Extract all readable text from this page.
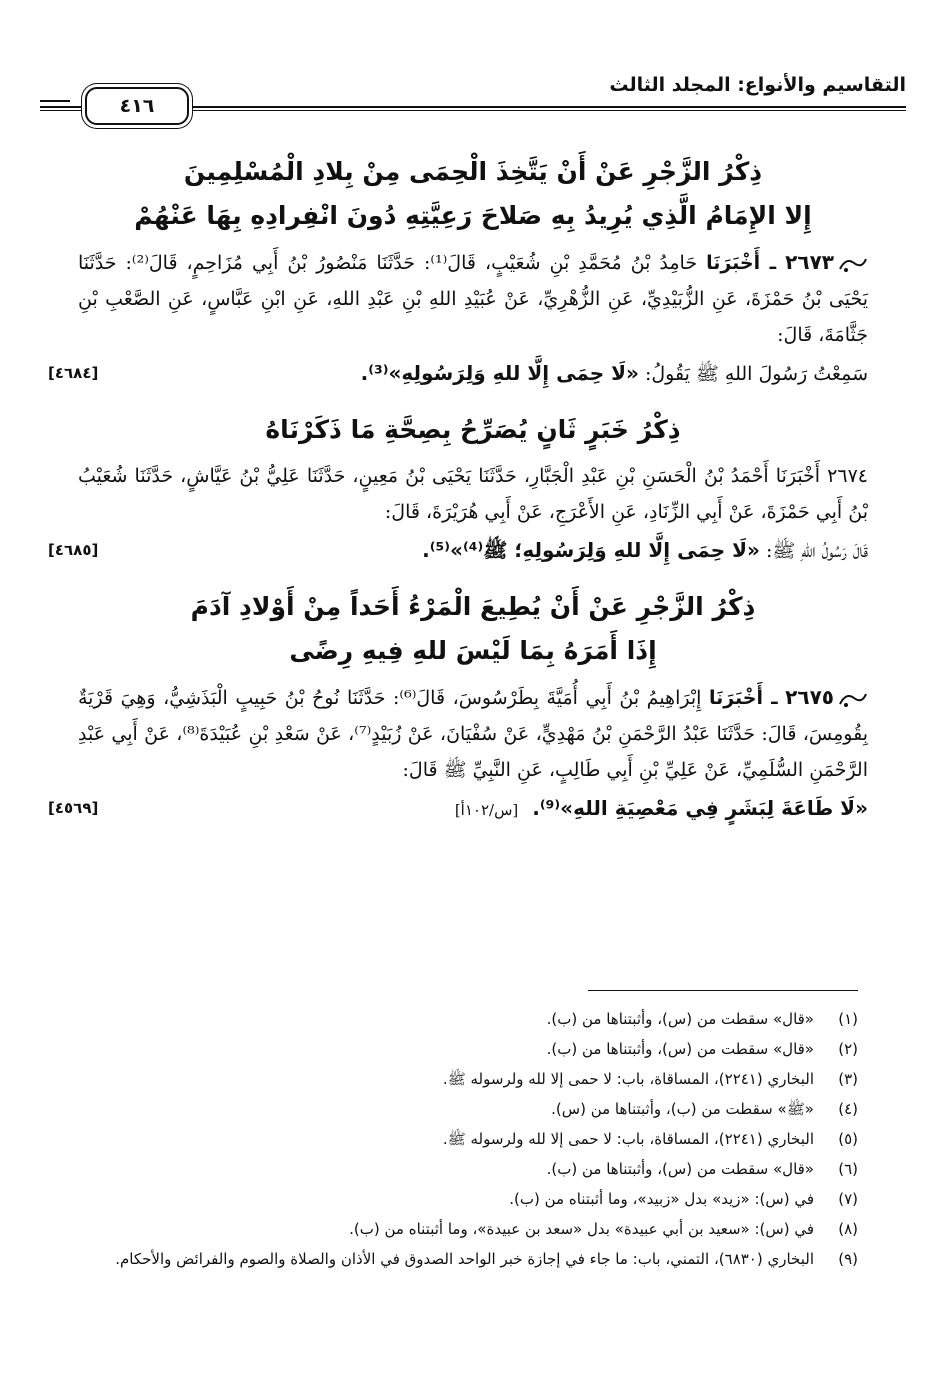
التقاسيم والأنواع: المجلد الثالث
٤١٦
ذِكْرُ الزَّجْرِ عَنْ أَنْ يَتَّخِذَ الْحِمَى مِنْ بِلادِ الْمُسْلِمِينَ
إِلا الإِمَامُ الَّذِي يُرِيدُ بِهِ صَلاحَ رَعِيَّتِهِ دُونَ انْفِرادِهِ بِهَا عَنْهُمْ

٢٦٧٣ ـ أَخْبَرَنَا حَامِدُ بْنُ مُحَمَّدِ بْنِ شُعَيْبٍ، قَالَ⁽¹⁾: حَدَّثَنَا مَنْصُورُ بْنُ أَبِي مُزَاحِمٍ، قَالَ⁽²⁾: حَدَّثَنَا يَحْيَى بْنُ حَمْزَةَ، عَنِ الزُّبَيْدِيِّ، عَنِ الزُّهْرِيِّ، عَنْ عُبَيْدِ اللهِ بْنِ عَبْدِ اللهِ، عَنِ ابْنِ عَبَّاسٍ، عَنِ الصَّعْبِ بْنِ جَثَّامَةَ، قَالَ:

سَمِعْتُ رَسُولَ اللهِ ﷺ يَقُولُ: «لَا حِمَى إِلَّا للهِ وَلِرَسُولِهِ»⁽³⁾.
[٤٦٨٤]
ذِكْرُ خَبَرٍ ثَانٍ يُصَرِّحُ بِصِحَّةِ مَا ذَكَرْنَاهُ

٢٦٧٤ أَخْبَرَنَا أَحْمَدُ بْنُ الْحَسَنِ بْنِ عَبْدِ الْجَبَّارِ، حَدَّثَنَا يَحْيَى بْنُ مَعِينٍ، حَدَّثَنَا عَلِيُّ بْنُ عَيَّاشٍ، حَدَّثَنَا شُعَيْبُ بْنُ أَبِي حَمْزَةَ، عَنْ أَبِي الزِّنَادِ، عَنِ الأَعْرَجِ، عَنْ أَبِي هُرَيْرَةَ، قَالَ:

قَالَ رَسُولُ اللهِ ﷺ: «لَا حِمَى إِلَّا للهِ وَلِرَسُولِهِ؛ ﷺ⁽⁴⁾»⁽⁵⁾.
[٤٦٨٥]
ذِكْرُ الزَّجْرِ عَنْ أَنْ يُطِيعَ الْمَرْءُ أَحَداً مِنْ أَوْلادِ آدَمَ
إِذَا أَمَرَهُ بِمَا لَيْسَ للهِ فِيهِ رِضًى

٢٦٧٥ ـ أَخْبَرَنَا إِبْرَاهِيمُ بْنُ أَبِي أُمَيَّةَ بِطَرْسُوسَ، قَالَ⁽⁶⁾: حَدَّثَنَا نُوحُ بْنُ حَبِيبٍ الْبَذَشِيُّ، وَهِيَ قَرْيَةٌ بِقُومِسَ، قَالَ: حَدَّثَنَا عَبْدُ الرَّحْمَنِ بْنُ مَهْدِيٍّ، عَنْ سُفْيَانَ، عَنْ زُبَيْدٍ⁽⁷⁾، عَنْ سَعْدِ بْنِ عُبَيْدَةَ⁽⁸⁾، عَنْ أَبِي عَبْدِ الرَّحْمَنِ السُّلَمِيِّ، عَنْ عَلِيِّ بْنِ أَبِي طَالِبٍ، عَنِ النَّبِيِّ ﷺ قَالَ:

«لَا طَاعَةَ لِبَشَرٍ فِي مَعْصِيَةِ اللهِ»⁽⁹⁾. [س/١٠٢أ]
[٤٥٦٩]
(١)
«قال» سقطت من (س)، وأثبتناها من (ب).
(٢)
«قال» سقطت من (س)، وأثبتناها من (ب).
(٣)
البخاري (٢٢٤١)، المساقاة، باب: لا حمى إلا لله ولرسوله ﷺ.
(٤)
«ﷺ» سقطت من (ب)، وأثبتناها من (س).
(٥)
البخاري (٢٢٤١)، المساقاة، باب: لا حمى إلا لله ولرسوله ﷺ.
(٦)
«قال» سقطت من (س)، وأثبتناها من (ب).
(٧)
في (س): «زيد» بدل «زبيد»، وما أثبتناه من (ب).
(٨)
في (س): «سعيد بن أبي عبيدة» بدل «سعد بن عبيدة»، وما أثبتناه من (ب).
(٩)
البخاري (٦٨٣٠)، التمني، باب: ما جاء في إجازة خبر الواحد الصدوق في الأذان والصلاة والصوم والفرائض والأحكام.
